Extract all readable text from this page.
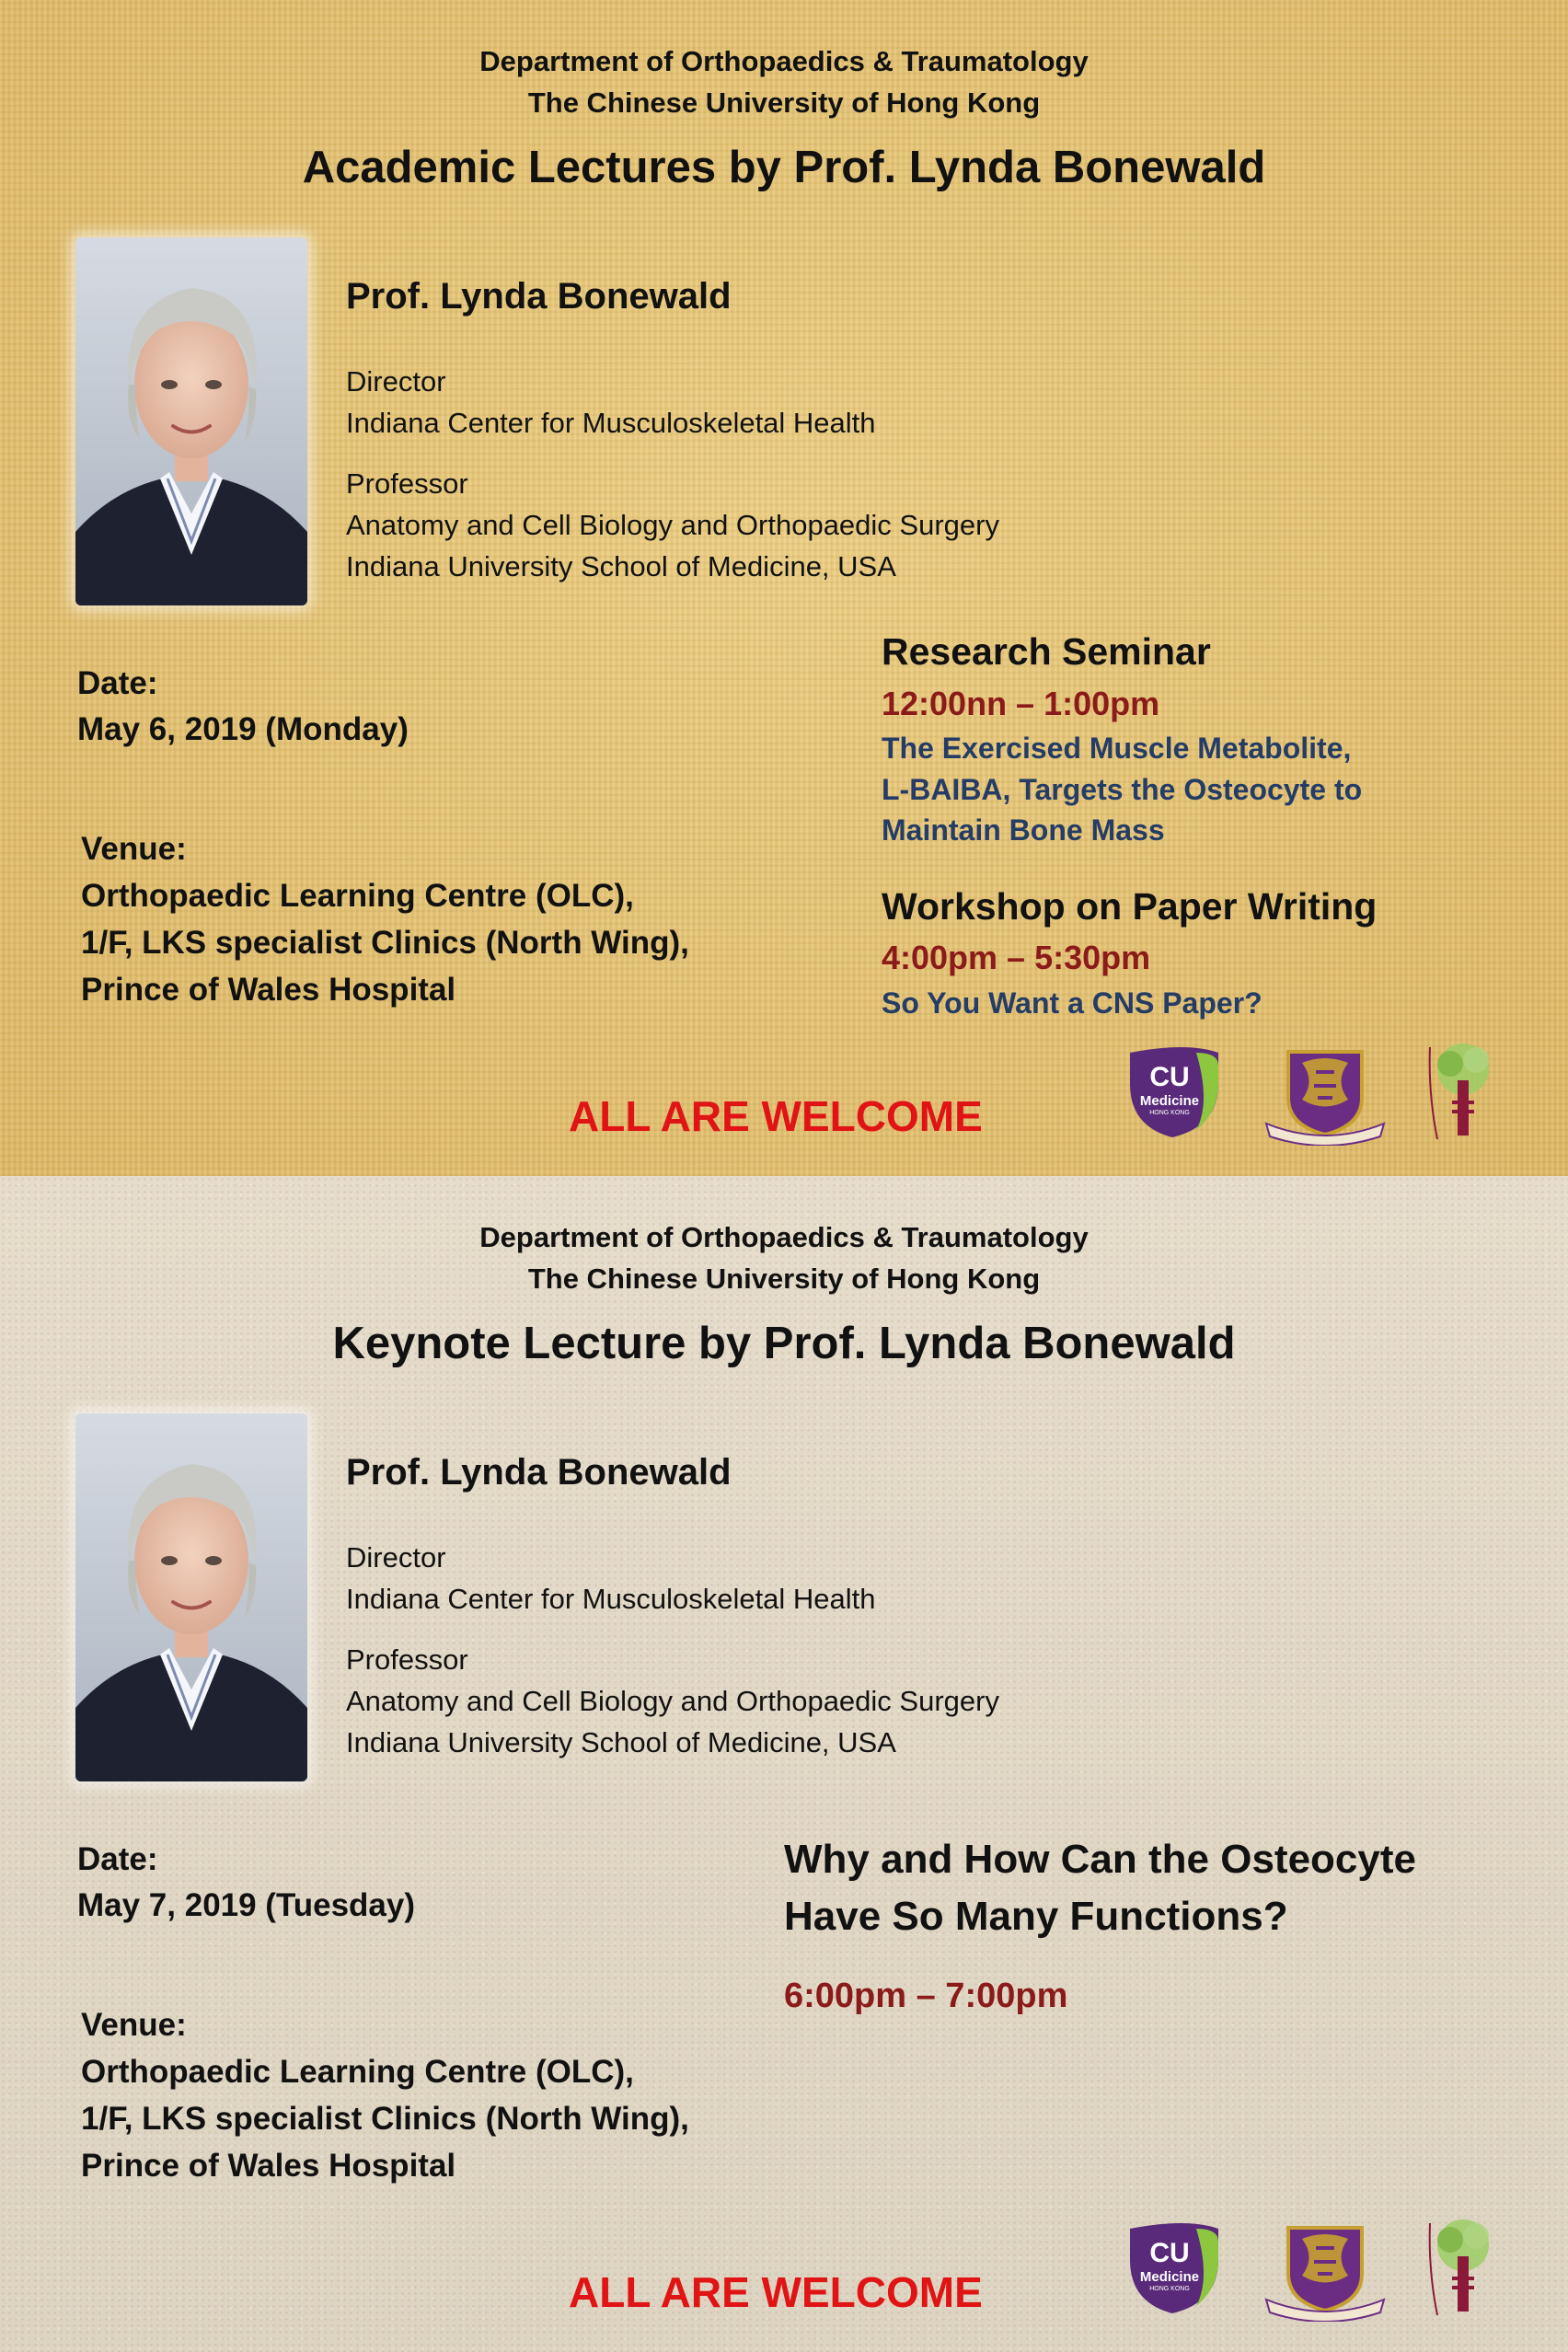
Department of Orthopaedics & Traumatology
The Chinese University of Hong Kong
Academic Lectures by Prof. Lynda Bonewald
Prof. Lynda Bonewald
Director
Indiana Center for Musculoskeletal Health
Professor
Anatomy and Cell Biology and Orthopaedic Surgery
Indiana University School of Medicine, USA
Date:
May 6, 2019 (Monday)
Venue:
Orthopaedic Learning Centre (OLC),
1/F, LKS specialist Clinics (North Wing),
Prince of Wales Hospital
Research Seminar
12:00nn – 1:00pm
The Exercised Muscle Metabolite,
L-BAIBA, Targets the Osteocyte to
Maintain Bone Mass
Workshop on Paper Writing
4:00pm – 5:30pm
So You Want a CNS Paper?
ALL ARE WELCOME
CU
Medicine
HONG KONG
Department of Orthopaedics & Traumatology
The Chinese University of Hong Kong
Keynote Lecture by Prof. Lynda Bonewald
Prof. Lynda Bonewald
Director
Indiana Center for Musculoskeletal Health
Professor
Anatomy and Cell Biology and Orthopaedic Surgery
Indiana University School of Medicine, USA
Date:
May 7, 2019 (Tuesday)
Venue:
Orthopaedic Learning Centre (OLC),
1/F, LKS specialist Clinics (North Wing),
Prince of Wales Hospital
Why and How Can the Osteocyte
Have So Many Functions?
6:00pm – 7:00pm
ALL ARE WELCOME
CU
Medicine
HONG KONG
